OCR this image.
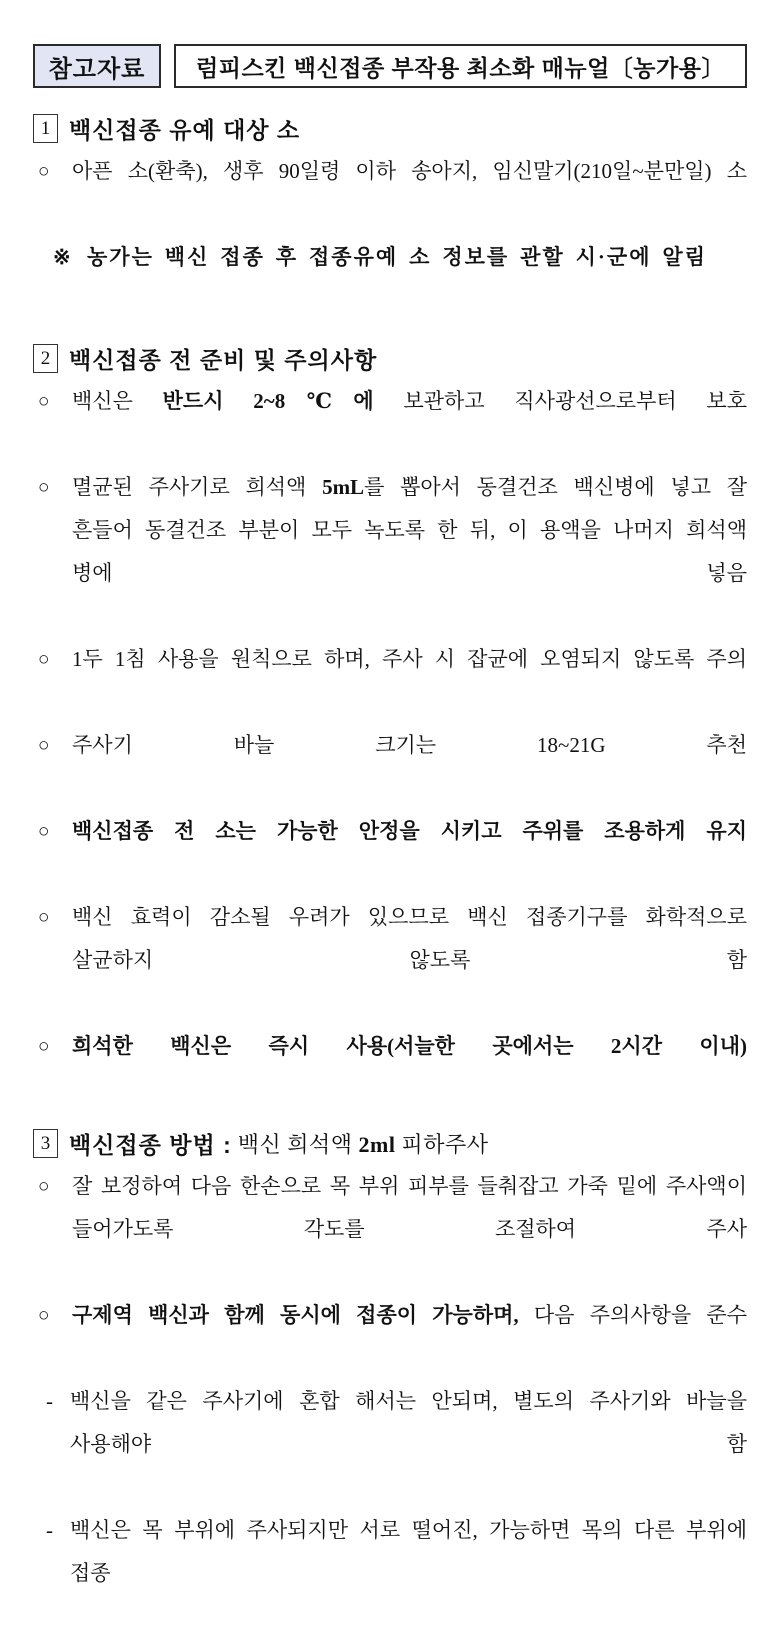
참고자료	럼피스킨 백신접종 부작용 최소화 매뉴얼〔농가용〕
1 백신접종 유예 대상 소
○	아픈 소(환축), 생후 90일령 이하 송아지, 임신말기(210일~분만일) 소
※ 농가는 백신 접종 후 접종유예 소 정보를 관할 시·군에 알림
2 백신접종 전 준비 및 주의사항
○	백신은 반드시 2~8℃에 보관하고 직사광선으로부터 보호
○	멸균된 주사기로 희석액 5mL를 뽑아서 동결건조 백신병에 넣고 잘 흔들어 동결건조 부분이 모두 녹도록 한 뒤, 이 용액을 나머지 희석액 병에 넣음
○	1두 1침 사용을 원칙으로 하며, 주사 시 잡균에 오염되지 않도록 주의
○	주사기 바늘 크기는 18~21G 추천
○	백신접종 전 소는 가능한 안정을 시키고 주위를 조용하게 유지
○	백신 효력이 감소될 우려가 있으므로 백신 접종기구를 화학적으로 살균하지 않도록 함
○	희석한 백신은 즉시 사용(서늘한 곳에서는 2시간 이내)
3 백신접종 방법 : 백신 희석액 2ml 피하주사
○	잘 보정하여 다음 한손으로 목 부위 피부를 들춰잡고 가죽 밑에 주사액이 들어가도록 각도를 조절하여 주사
○	구제역 백신과 함께 동시에 접종이 가능하며, 다음 주의사항을 준수
- 백신을 같은 주사기에 혼합 해서는 안되며, 별도의 주사기와 바늘을 사용해야 함
- 백신은 목 부위에 주사되지만 서로 떨어진, 가능하면 목의 다른 부위에 접종
